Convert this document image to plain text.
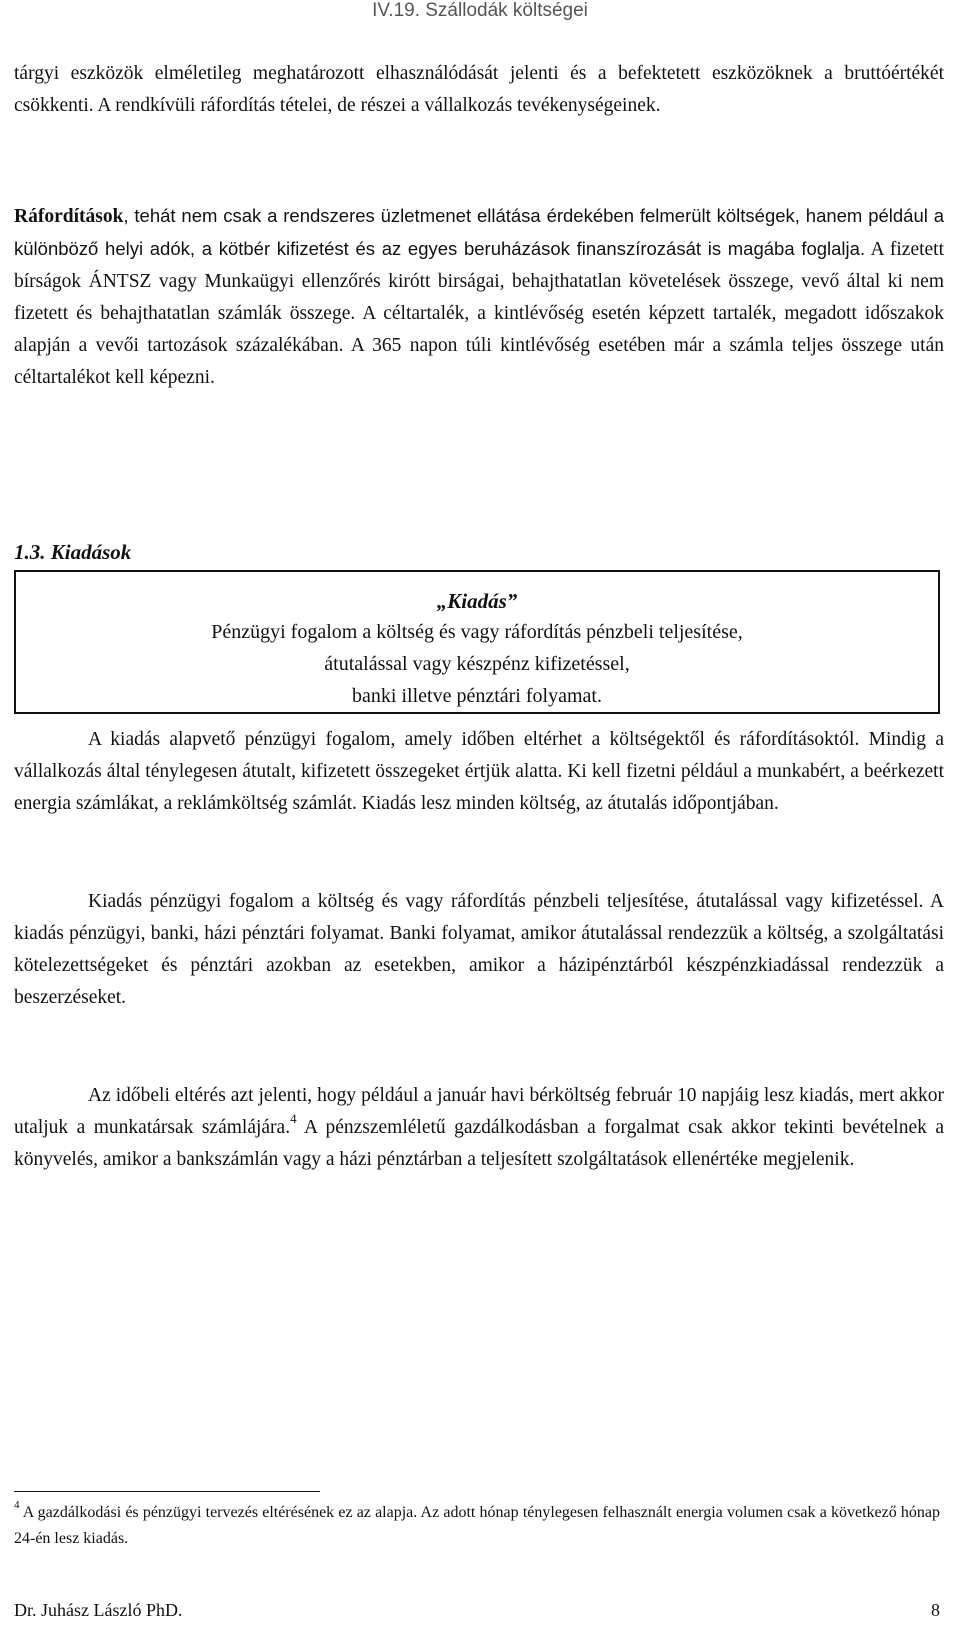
IV.19. Szállodák költségei

tárgyi eszközök elméletileg meghatározott elhasználódását jelenti és a befektetett eszközöknek a bruttóértékét csökkenti. A rendkívüli ráfordítás tételei, de részei a vállalkozás tevékenységeinek.

Ráfordítások, tehát nem csak a rendszeres üzletmenet ellátása érdekében felmerült költségek, hanem például a különböző helyi adók, a kötbér kifizetést és az egyes beruházások finanszírozását is magába foglalja. A fizetett bírságok ÁNTSZ vagy Munkaügyi ellenzőrés kirótt birságai, behajthatatlan követelések összege, vevő által ki nem fizetett és behajthatatlan számlák összege. A céltartalék, a kintlévőség esetén képzett tartalék, megadott időszakok alapján a vevői tartozások százalékában. A 365 napon túli kintlévőség esetében már a számla teljes összege után céltartalékot kell képezni.

1.3. Kiadások

„Kiadás”
Pénzügyi fogalom a költség és vagy ráfordítás pénzbeli teljesítése,
átutalással vagy készpénz kifizetéssel,
banki illetve pénztári folyamat.

A kiadás alapvető pénzügyi fogalom, amely időben eltérhet a költségektől és ráfordításoktól. Mindig a vállalkozás által ténylegesen átutalt, kifizetett összegeket értjük alatta. Ki kell fizetni például a munkabért, a beérkezett energia számlákat, a reklámköltség számlát. Kiadás lesz minden költség, az átutalás időpontjában.

Kiadás pénzügyi fogalom a költség és vagy ráfordítás pénzbeli teljesítése, átutalással vagy kifizetéssel. A kiadás pénzügyi, banki, házi pénztári folyamat. Banki folyamat, amikor átutalással rendezzük a költség, a szolgáltatási kötelezettségeket és pénztári azokban az esetekben, amikor a házipénztárból készpénzkiadással rendezzük a beszerzéseket.

Az időbeli eltérés azt jelenti, hogy például a január havi bérköltség február 10 napjáig lesz kiadás, mert akkor utaljuk a munkatársak számlájára.$^4$ A pénzszemléletű gazdálkodásban a forgalmat csak akkor tekinti bevételnek a könyvelés, amikor a bankszámlán vagy a házi pénztárban a teljesített szolgáltatások ellenértéke megjelenik.

$^4$ A gazdálkodási és pénzügyi tervezés eltérésének ez az alapja. Az adott hónap ténylegesen felhasznált energia volumen csak a következő hónap 24-én lesz kiadás.

Dr. Juhász László PhD.	8
